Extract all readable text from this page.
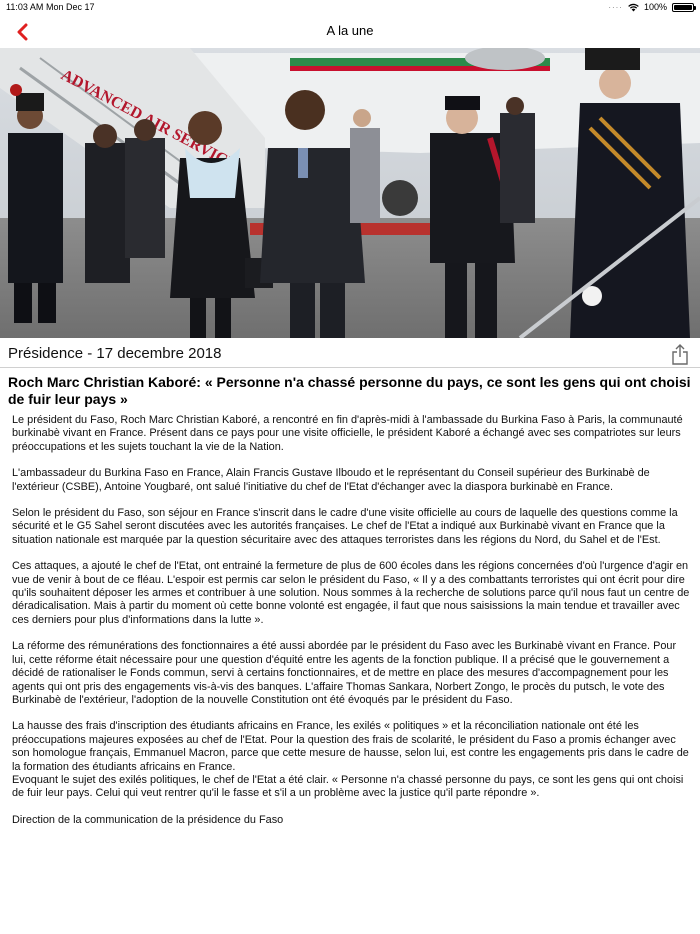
11:03 AM Mon Dec 17	···· 100%
A la une
ADVANCED AIR SERVICE
Présidence - 17 decembre 2018
Roch Marc Christian Kaboré: « Personne n'a chassé personne du pays, ce sont les gens qui ont choisi de fuir leur pays »

Le président du Faso, Roch Marc Christian Kaboré, a rencontré en fin d'après-midi à l'ambassade du Burkina Faso à Paris, la communauté burkinabè vivant en France. Présent dans ce pays pour une visite officielle, le président Kaboré a échangé avec ses compatriotes sur leurs préoccupations et les sujets touchant la vie de la Nation.

L'ambassadeur du Burkina Faso en France, Alain Francis Gustave Ilboudo et le représentant du Conseil supérieur des Burkinabè de l'extérieur (CSBE), Antoine Yougbaré, ont salué l'initiative du chef de l'Etat d'échanger avec la diaspora burkinabè en France.

Selon le président du Faso, son séjour en France s'inscrit dans le cadre d'une visite officielle au cours de laquelle des questions comme la sécurité et le G5 Sahel seront discutées avec les autorités françaises. Le chef de l'Etat a indiqué aux Burkinabè vivant en France que la situation nationale est marquée par la question sécuritaire avec des attaques terroristes dans les régions du Nord, du Sahel et de l'Est.

Ces attaques, a ajouté le chef de l'Etat, ont entrainé la fermeture de plus de 600 écoles dans les régions concernées d'où l'urgence d'agir en vue de venir à bout de ce fléau. L'espoir est permis car selon le président du Faso, « Il y a des combattants terroristes qui ont écrit pour dire qu'ils souhaitent déposer les armes et contribuer à une solution. Nous sommes à la recherche de solutions parce qu'il nous faut un centre de déradicalisation. Mais à partir du moment où cette bonne volonté est engagée, il faut que nous saisissions la main tendue et travailler avec ces derniers pour plus d'informations dans la lutte ».

La réforme des rémunérations des fonctionnaires a été aussi abordée par le président du Faso avec les Burkinabè vivant en France. Pour lui, cette réforme était nécessaire pour une question d'équité entre les agents de la fonction publique. Il a précisé que le gouvernement a décidé de rationaliser le Fonds commun, servi à certains fonctionnaires, et de mettre en place des mesures d'accompagnement pour les agents qui ont pris des engagements vis-à-vis des banques. L'affaire Thomas Sankara, Norbert Zongo, le procès du putsch, le vote des Burkinabè de l'extérieur, l'adoption de la nouvelle Constitution ont été évoqués par le président du Faso.

La hausse des frais d'inscription des étudiants africains en France, les exilés « politiques » et la réconciliation nationale ont été les préoccupations majeures exposées au chef de l'Etat. Pour la question des frais de scolarité, le président du Faso a promis échanger avec son homologue français, Emmanuel Macron, parce que cette mesure de hausse, selon lui, est contre les engagements pris dans le cadre de la formation des étudiants africains en France.

Evoquant le sujet des exilés politiques, le chef de l'Etat a été clair. « Personne n'a chassé personne du pays, ce sont les gens qui ont choisi de fuir leur pays. Celui qui veut rentrer qu'il le fasse et s'il a un problème avec la justice qu'il parte répondre ».

Direction de la communication de la présidence du Faso
